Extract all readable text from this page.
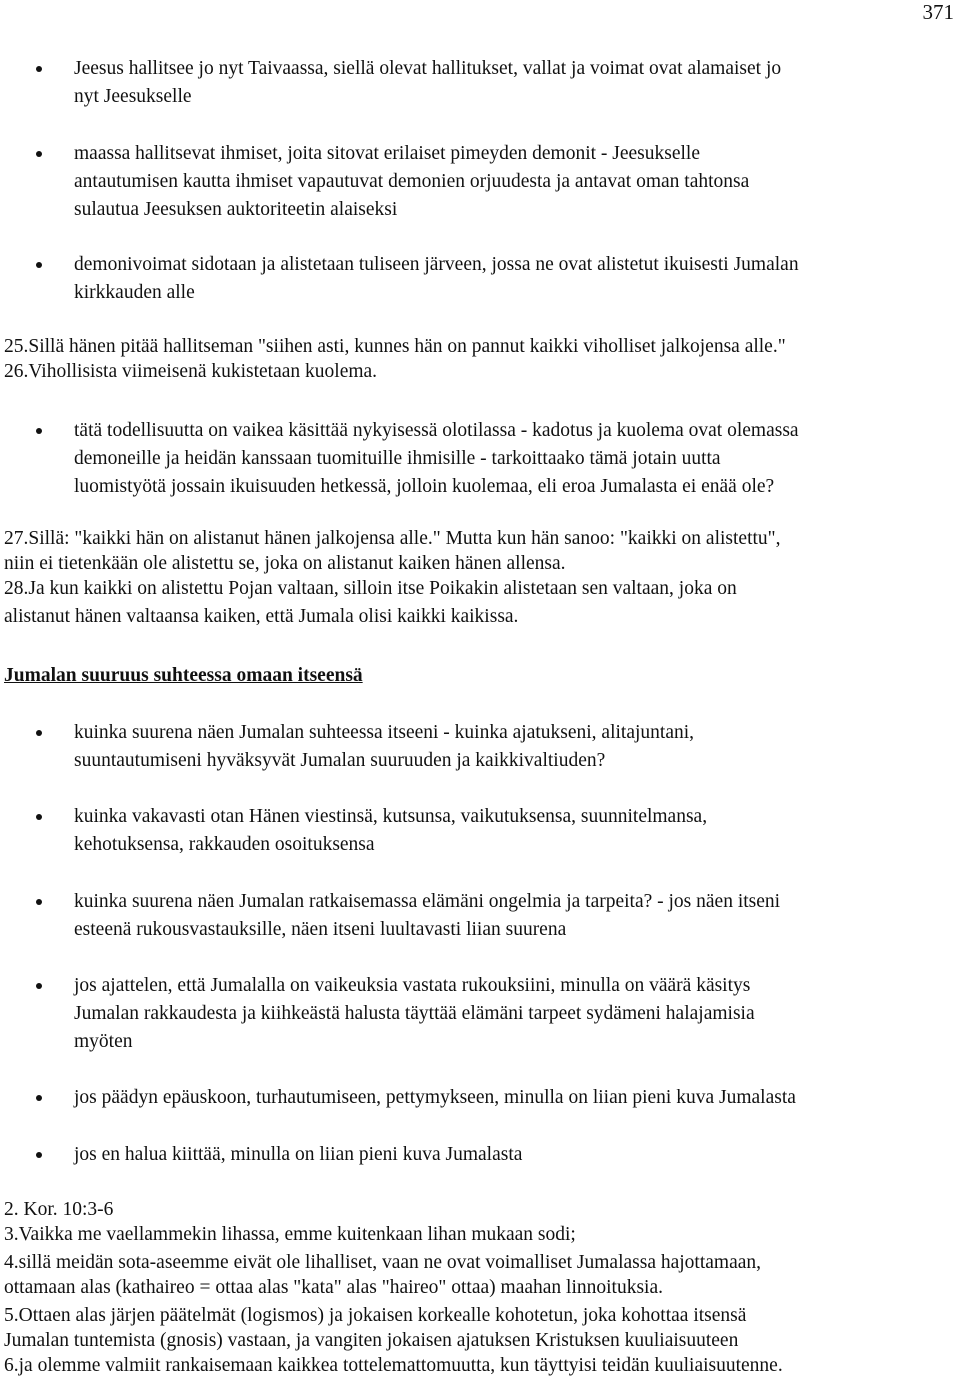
371
Jeesus hallitsee jo nyt Taivaassa, siellä olevat hallitukset, vallat ja voimat ovat alamaiset jo
nyt Jeesukselle
maassa hallitsevat ihmiset, joita sitovat erilaiset pimeyden demonit - Jeesukselle
antautumisen kautta ihmiset vapautuvat demonien orjuudesta ja antavat oman tahtonsa
sulautua Jeesuksen auktoriteetin alaiseksi
demonivoimat sidotaan ja alistetaan tuliseen järveen, jossa ne ovat alistetut ikuisesti Jumalan
kirkkauden alle
25.Sillä hänen pitää hallitseman "siihen asti, kunnes hän on pannut kaikki viholliset jalkojensa alle."
26.Vihollisista viimeisenä kukistetaan kuolema.
tätä todellisuutta on vaikea käsittää nykyisessä olotilassa - kadotus ja kuolema ovat olemassa
demoneille ja heidän kanssaan tuomituille ihmisille - tarkoittaako tämä jotain uutta
luomistyötä jossain ikuisuuden hetkessä, jolloin kuolemaa, eli eroa Jumalasta ei enää ole?
27.Sillä: "kaikki hän on alistanut hänen jalkojensa alle." Mutta kun hän sanoo: "kaikki on alistettu",
niin ei tietenkään ole alistettu se, joka on alistanut kaiken hänen allensa.
28.Ja kun kaikki on alistettu Pojan valtaan, silloin itse Poikakin alistetaan sen valtaan, joka on
alistanut hänen valtaansa kaiken, että Jumala olisi kaikki kaikissa.
Jumalan suuruus suhteessa omaan itseensä
kuinka suurena näen Jumalan suhteessa itseeni - kuinka ajatukseni, alitajuntani,
suuntautumiseni hyväksyvät Jumalan suuruuden ja kaikkivaltiuden?
kuinka vakavasti otan Hänen viestinsä, kutsunsa, vaikutuksensa, suunnitelmansa,
kehotuksensa, rakkauden osoituksensa
kuinka suurena näen Jumalan ratkaisemassa elämäni ongelmia ja tarpeita? - jos näen itseni
esteenä rukousvastauksille, näen itseni luultavasti liian suurena
jos ajattelen, että Jumalalla on vaikeuksia vastata rukouksiini, minulla on väärä käsitys
Jumalan rakkaudesta ja kiihkeästä halusta täyttää elämäni tarpeet sydämeni halajamisia
myöten
jos päädyn epäuskoon, turhautumiseen, pettymykseen, minulla on liian pieni kuva Jumalasta
jos en halua kiittää, minulla on liian pieni kuva Jumalasta
2. Kor. 10:3-6
3.Vaikka me vaellammekin lihassa, emme kuitenkaan lihan mukaan sodi;
4.sillä meidän sota-aseemme eivät ole lihalliset, vaan ne ovat voimalliset Jumalassa hajottamaan,
ottamaan alas (kathaireo = ottaa alas "kata" alas "haireo" ottaa) maahan linnoituksia.
5.Ottaen alas järjen päätelmät (logismos) ja jokaisen korkealle kohotetun, joka kohottaa itsensä
Jumalan tuntemista (gnosis) vastaan, ja vangiten jokaisen ajatuksen Kristuksen kuuliaisuuteen
6.ja olemme valmiit rankaisemaan kaikkea tottelemattomuutta, kun täyttyisi teidän kuuliaisuutenne.
